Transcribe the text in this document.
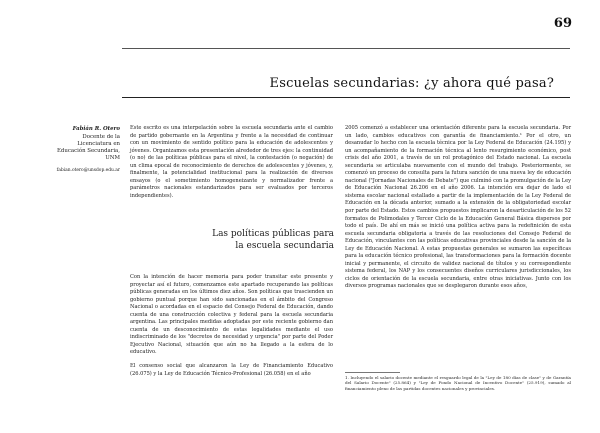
69
Escuelas secundarias: ¿y ahora qué pasa?
Fabián R. Otero
Docente de la
Licenciatura en
Educación Secundaria,
UNM
fabian.otero@unsdop.edu.ar

Este escrito es una interpelación sobre la escuela secundaria ante el cambio de partido gobernante en la Argentina y frente a la necesidad de continuar con un movimiento de sentido político para la educación de adolescentes y jóvenes. Organizamos esta presentación alrededor de tres ejes: la continuidad (o no) de las políticas públicas para el nivel, la contestación (o negación) de un clima epocal de reconocimiento de derechos de adolescentes y jóvenes, y, finalmente, la potencialidad institucional para la realización de diversos ensayos (o el sometimiento homogeneizante y normalizador frente a parámetros nacionales estandarizados para ser evaluados por terceros independientes).

Las políticas públicas para
la escuela secundaria

Con la intención de hacer memoria para poder transitar este presente y proyectar así el futuro, comenzamos este apartado recuperando las políticas públicas generadas en los últimos diez años. Son políticas que trascienden un gobierno puntual porque han sido sancionadas en el ámbito del Congreso Nacional o acordadas en el espacio del Consejo Federal de Educación, dando cuenta de una construcción colectiva y federal para la escuela secundaria argentina. Las principales medidas adoptadas por este reciente gobierno dan cuenta de un desconocimiento de estas legalidades mediante el uso indiscriminado de los "decretos de necesidad y urgencia" por parte del Poder Ejecutivo Nacional, situación que aún no ha llegado a la esfera de lo educativo.

El consenso social que alcanzaron la Ley de Financiamiento Educativo (26.075) y la Ley de Educación Técnico-Profesional (26.058) en el año

2005 comenzó a establecer una orientación diferente para la escuela secundaria. Por un lado, cambios educativos con garantía de financiamiento.¹ Por el otro, un desanudar lo hecho con la escuela técnica por la Ley Federal de Educación (24.195) y un acompañamiento de la formación técnica al lento resurgimiento económico, post crisis del año 2001, a través de un rol protagónico del Estado nacional. La escuela secundaria se articulaba nuevamente con el mundo del trabajo. Posteriormente, se comenzó un proceso de consulta para la futura sanción de una nueva ley de educación nacional ("Jornadas Nacionales de Debate") que culminó con la promulgación de la Ley de Educación Nacional 26.206 en el año 2006. La intención era dejar de lado el sistema escolar nacional estallado a partir de la implementación de la Ley Federal de Educación en la década anterior, sumado a la extensión de la obligatoriedad escolar por parte del Estado. Estos cambios propuestos implicaron la desarticulación de los 52 formatos de Polimodales y Tercer Ciclo de la Educación General Básica dispersos por todo el país. De ahí en más se inició una política activa para la redefinición de esta escuela secundaria obligatoria a través de las resoluciones del Consejo Federal de Educación, vinculantes con las políticas educativas provinciales desde la sanción de la Ley de Educación Nacional. A estas propuestas generales se sumaron las específicas para la educación técnico profesional, las transformaciones para la formación docente inicial y permanente, el circuito de validez nacional de títulos y su correspondiente sistema federal, los NAP y los consecuentes diseños curriculares jurisdiccionales, los ciclos de orientación de la escuela secundaria, entre otras iniciativas. Junto con los diversos programas nacionales que se desplegaron durante esos años,

1. Incluyendo el salario docente mediante el resguardo legal de la "Ley de 180 días de clase" y de Garantía del Salario Docente" (25.864) y "Ley de Fondo Nacional de Incentivo Docente" (25.919), sumado al financiamiento pleno de las partidas docentes nacionales y provinciales.
